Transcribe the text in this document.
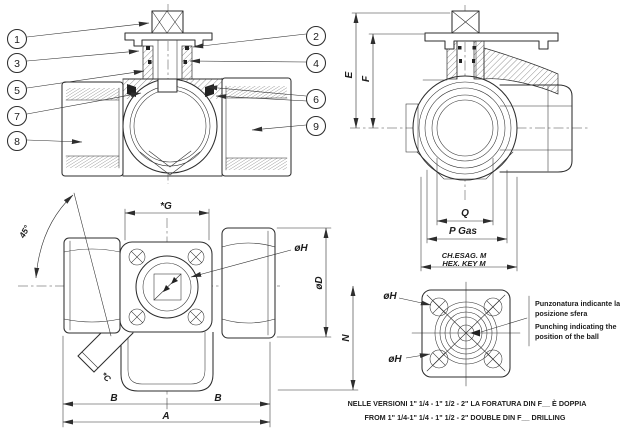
E
F
Q
P Gas
CH.ESAG. M
HEX. KEY M
*G
45°
*C
øH
øD
N
B	B
A
øH
øH
Punzonatura indicante la
posizione sfera
Punching indicating the
position of the ball
1
3
5
7
8
2
4
6
9
NELLE VERSIONI 1" 1/4 - 1" 1/2 - 2" LA FORATURA DIN F__ È DOPPIA
FROM 1" 1/4-1" 1/4 - 1" 1/2 - 2" DOUBLE DIN F__ DRILLING
